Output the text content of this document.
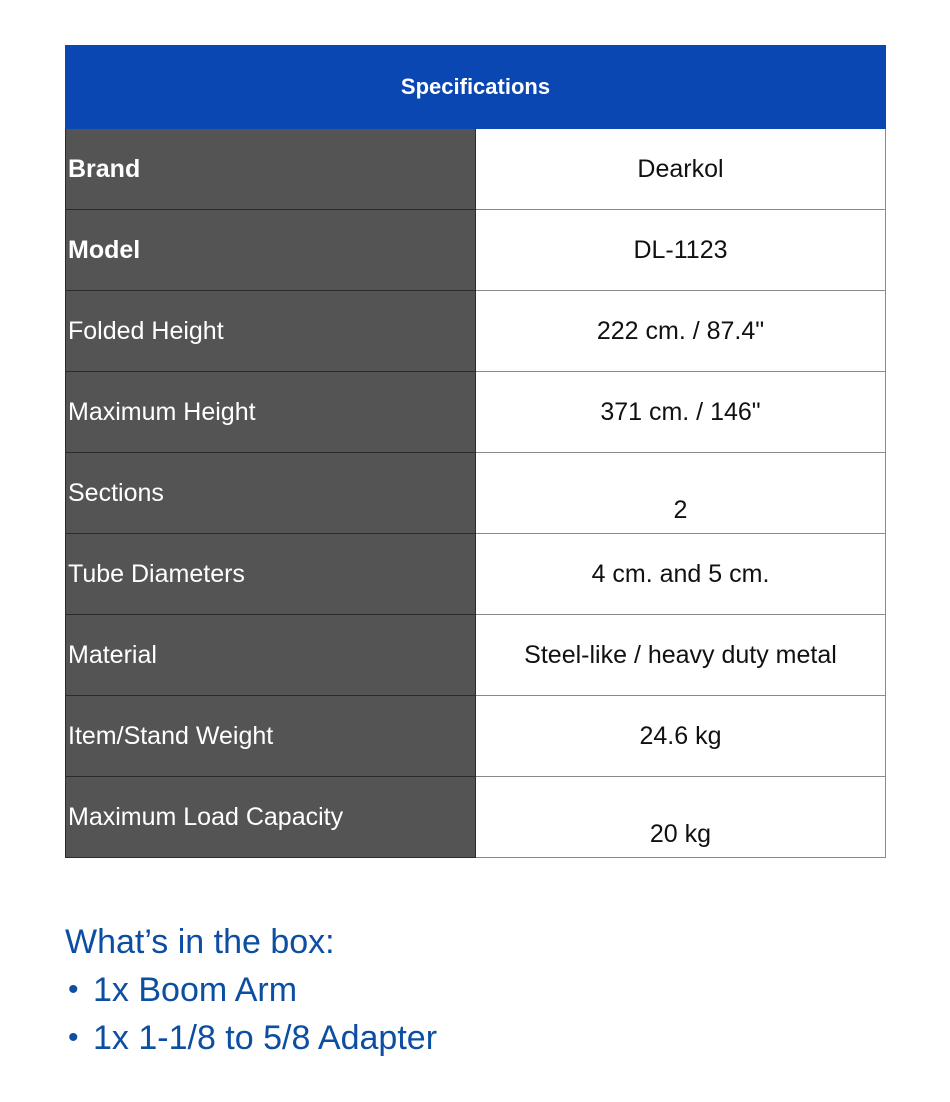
Specifications	
Brand	Dearkol
Model	DL-1123
Folded Height	222 cm. / 87.4"
Maximum Height	371 cm. / 146"
Sections	2
Tube Diameters	4 cm. and 5 cm.
Material	Steel-like / heavy duty metal
Item/Stand Weight	24.6 kg
Maximum Load Capacity	20 kg
What’s in the box:
• 1x Boom Arm
• 1x 1-1/8 to 5/8 Adapter
